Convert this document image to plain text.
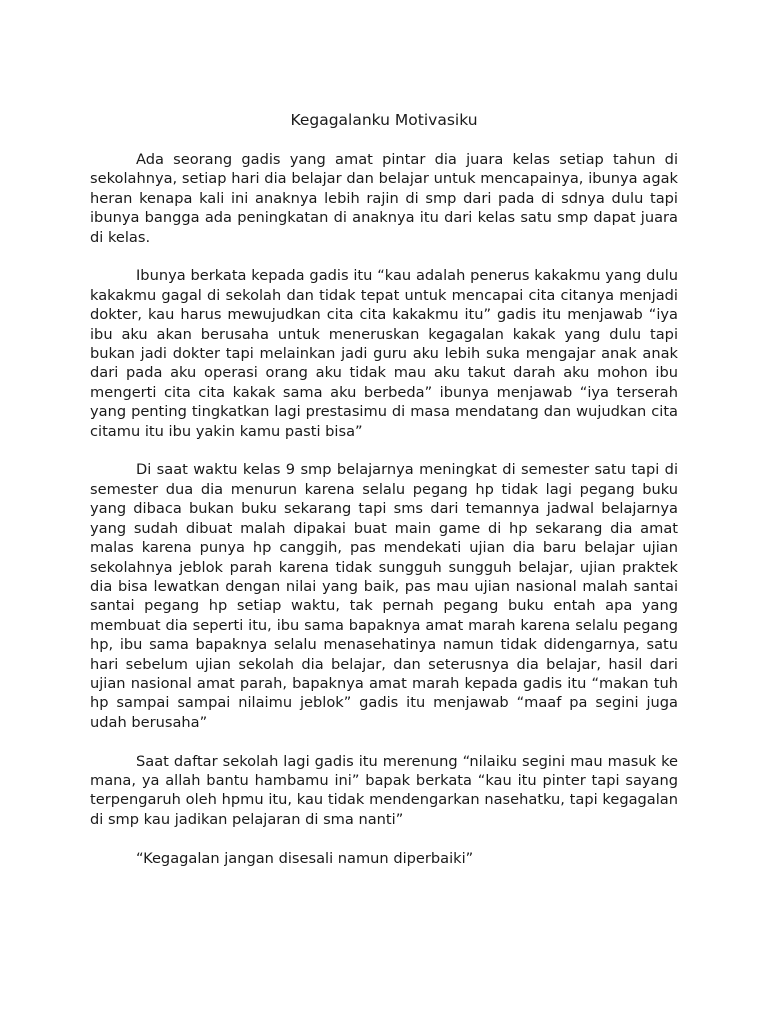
Kegagalanku Motivasiku

Ada seorang gadis yang amat pintar dia juara kelas setiap tahun di sekolahnya, setiap hari dia belajar dan belajar untuk mencapainya, ibunya agak heran kenapa kali ini anaknya lebih rajin di smp dari pada di sdnya dulu tapi ibunya bangga ada peningkatan di anaknya itu dari kelas satu smp dapat juara di kelas.

Ibunya berkata kepada gadis itu “kau adalah penerus kakakmu yang dulu kakakmu gagal di sekolah dan tidak tepat untuk mencapai cita citanya menjadi dokter, kau harus mewujudkan cita cita kakakmu itu” gadis itu menjawab “iya ibu aku akan berusaha untuk meneruskan kegagalan kakak yang dulu tapi bukan jadi dokter tapi melainkan jadi guru aku lebih suka mengajar anak anak dari pada aku operasi orang aku tidak mau aku takut darah aku mohon ibu mengerti cita cita kakak sama aku berbeda” ibunya menjawab “iya terserah yang penting tingkatkan lagi prestasimu di masa mendatang dan wujudkan cita citamu itu ibu yakin kamu pasti bisa”

Di saat waktu kelas 9 smp belajarnya meningkat di semester satu tapi di semester dua dia menurun karena selalu pegang hp tidak lagi pegang buku yang dibaca bukan buku sekarang tapi sms dari temannya jadwal belajarnya yang sudah dibuat malah dipakai buat main game di hp sekarang dia amat malas karena punya hp canggih, pas mendekati ujian dia baru belajar ujian sekolahnya jeblok parah karena tidak sungguh sungguh belajar, ujian praktek dia bisa lewatkan dengan nilai yang baik, pas mau ujian nasional malah santai santai pegang hp setiap waktu, tak pernah pegang buku entah apa yang membuat dia seperti itu, ibu sama bapaknya amat marah karena selalu pegang hp, ibu sama bapaknya selalu menasehatinya namun tidak didengarnya, satu hari sebelum ujian sekolah dia belajar, dan seterusnya dia belajar, hasil dari ujian nasional amat parah, bapaknya amat marah kepada gadis itu “makan tuh hp sampai sampai nilaimu jeblok” gadis itu menjawab “maaf pa segini juga udah berusaha”

Saat daftar sekolah lagi gadis itu merenung “nilaiku segini mau masuk ke mana, ya allah bantu hambamu ini” bapak berkata “kau itu pinter tapi sayang terpengaruh oleh hpmu itu, kau tidak mendengarkan nasehatku, tapi kegagalan di smp kau jadikan pelajaran di sma nanti”

“Kegagalan jangan disesali namun diperbaiki”
